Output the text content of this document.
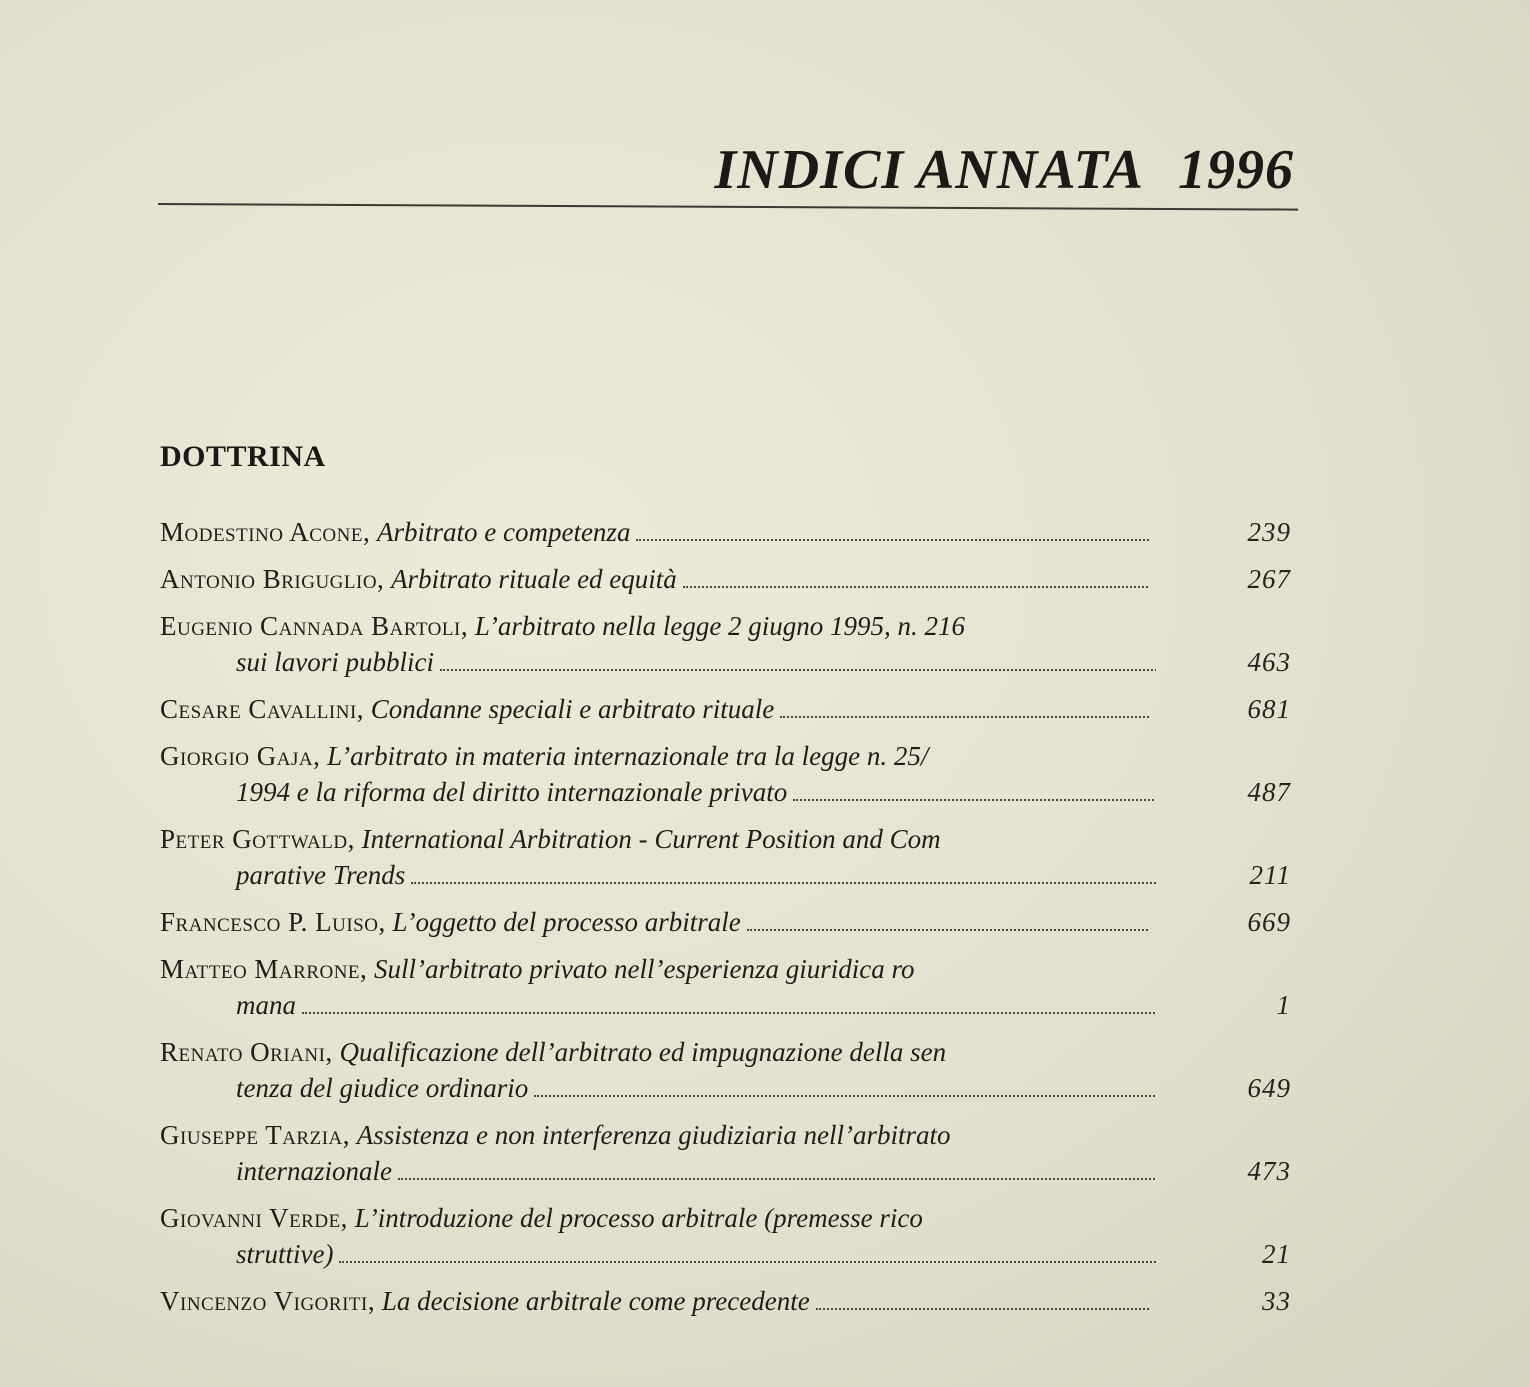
INDICI ANNATA 1996
DOTTRINA
Modestino Acone, Arbitrato e competenza	239
Antonio Briguglio, Arbitrato rituale ed equità	267
Eugenio Cannada Bartoli, L’arbitrato nella legge 2 giugno 1995, n. 216
sui lavori pubblici	463
Cesare Cavallini, Condanne speciali e arbitrato rituale	681
Giorgio Gaja, L’arbitrato in materia internazionale tra la legge n. 25/
1994 e la riforma del diritto internazionale privato	487
Peter Gottwald, International Arbitration - Current Position and Com
parative Trends	211
Francesco P. Luiso, L’oggetto del processo arbitrale	669
Matteo Marrone, Sull’arbitrato privato nell’esperienza giuridica ro
mana	1
Renato Oriani, Qualificazione dell’arbitrato ed impugnazione della sen
tenza del giudice ordinario	649
Giuseppe Tarzia, Assistenza e non interferenza giudiziaria nell’arbitrato
internazionale	473
Giovanni Verde, L’introduzione del processo arbitrale (premesse rico
struttive)	21
Vincenzo Vigoriti, La decisione arbitrale come precedente	33
